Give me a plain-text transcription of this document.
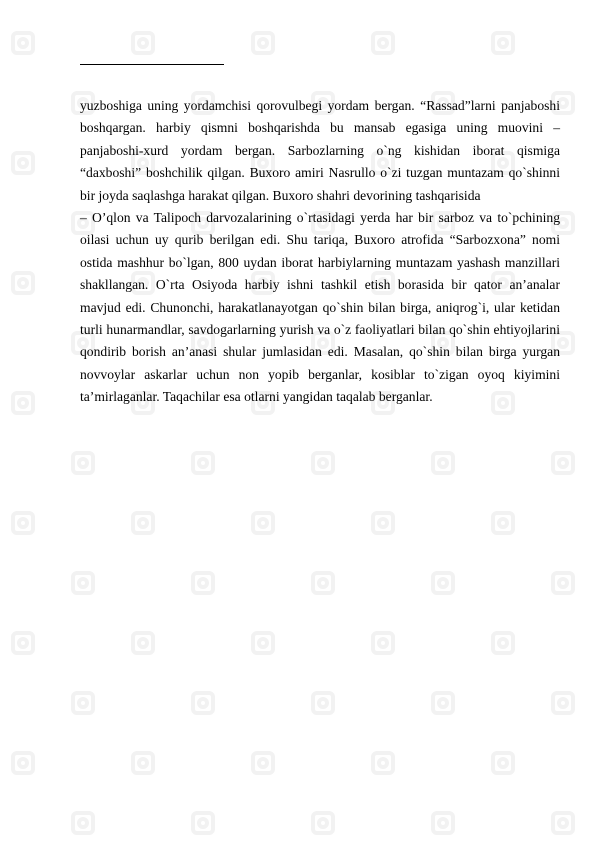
yuzboshiga uning yordamchisi qorovulbegi yordam bergan. “Rassad”larni panjaboshi boshqargan. harbiy qismni boshqarishda bu mansab egasiga uning muovini – panjaboshi-xurd yordam bergan. Sarbozlarning o`ng kishidan iborat qismiga “daxboshi” boshchilik qilgan. Buxoro amiri Nasrullo o`zi tuzgan muntazam qo`shinni bir joyda saqlashga harakat qilgan. Buxoro shahri devorining tashqarisida

– O’qlon va Talipoch darvozalarining o`rtasidagi yerda har bir sarboz va to`pchining oilasi uchun uy qurib berilgan edi. Shu tariqa, Buxoro atrofida “Sarbozxona” nomi ostida mashhur bo`lgan, 800 uydan iborat harbiylarning muntazam yashash manzillari shakllangan. O`rta Osiyoda harbiy ishni tashkil etish borasida bir qator an’analar mavjud edi. Chunonchi, harakatlanayotgan qo`shin bilan birga, aniqrog`i, ular ketidan turli hunarmandlar, savdogarlarning yurish va o`z faoliyatlari bilan qo`shin ehtiyojlarini qondirib borish an’anasi shular jumlasidan edi. Masalan, qo`shin bilan birga yurgan novvoylar askarlar uchun non yopib berganlar, kosiblar to`zigan oyoq kiyimini ta’mirlaganlar. Taqachilar esa otlarni yangidan taqalab berganlar.
